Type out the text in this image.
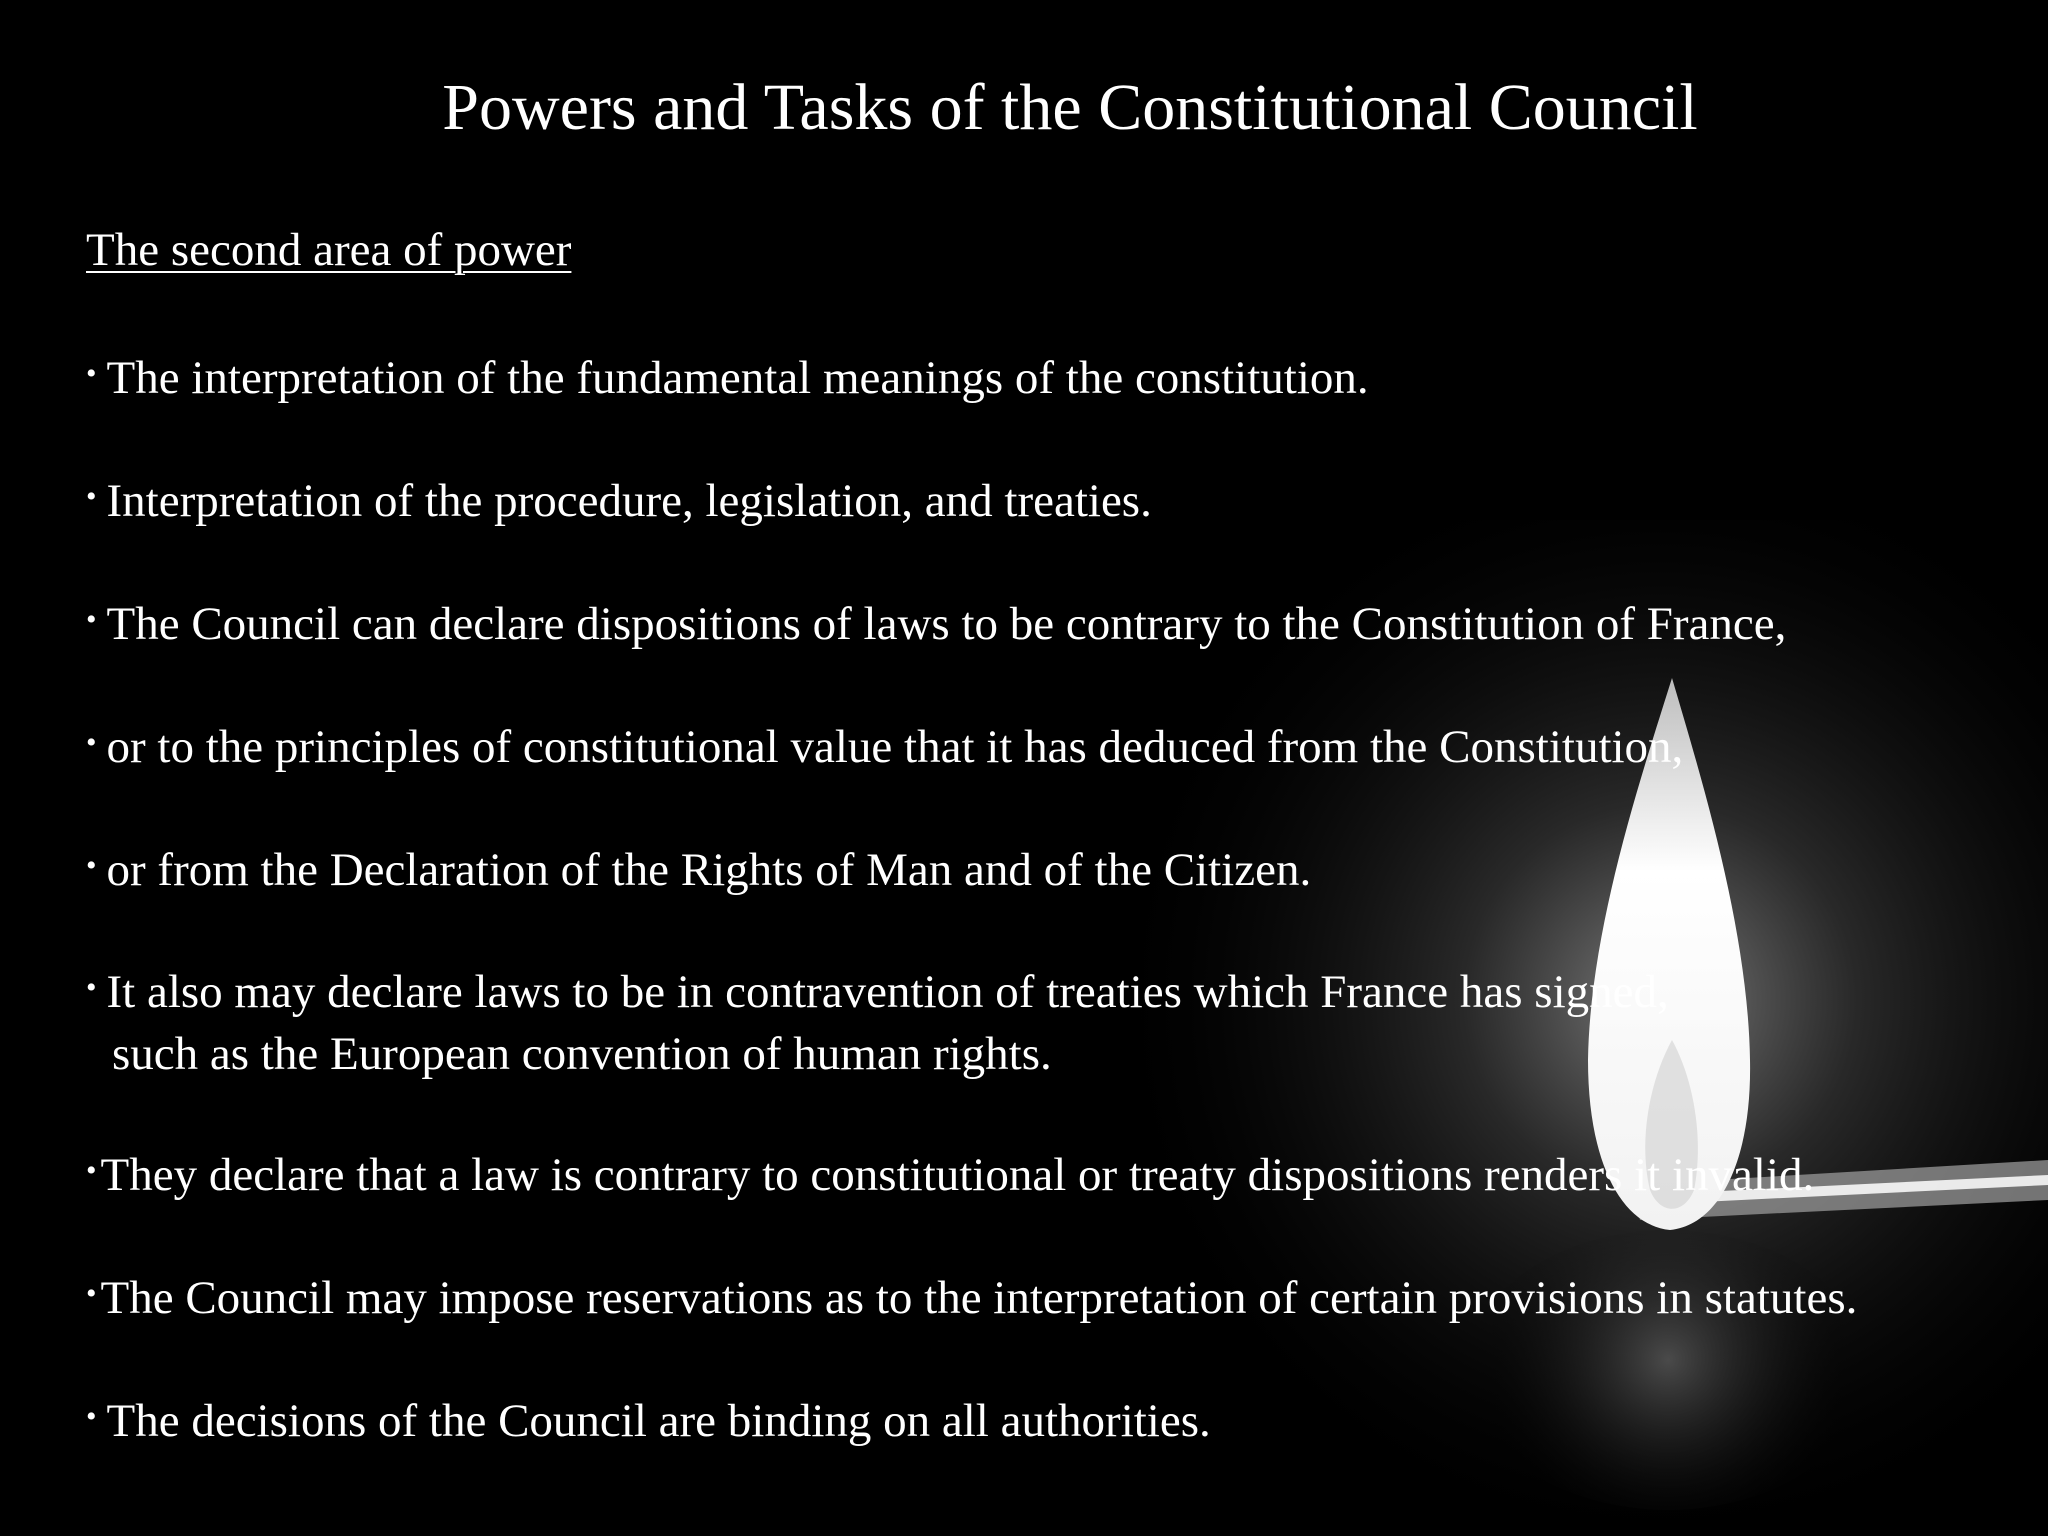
Powers and Tasks of the Constitutional Council
The second area of power
• The interpretation of the fundamental meanings of the constitution.
• Interpretation of the procedure, legislation, and treaties.
• The Council can declare dispositions of laws to be contrary to the Constitution of France,
• or to the principles of constitutional value that it has deduced from the Constitution,
• or from the Declaration of the Rights of Man and of the Citizen.
• It also may declare laws to be in contravention of treaties which France has signed,
such as the European convention of human rights.
•They declare that a law is contrary to constitutional or treaty dispositions renders it invalid.
•The Council may impose reservations as to the interpretation of certain provisions in statutes.
• The decisions of the Council are binding on all authorities.
